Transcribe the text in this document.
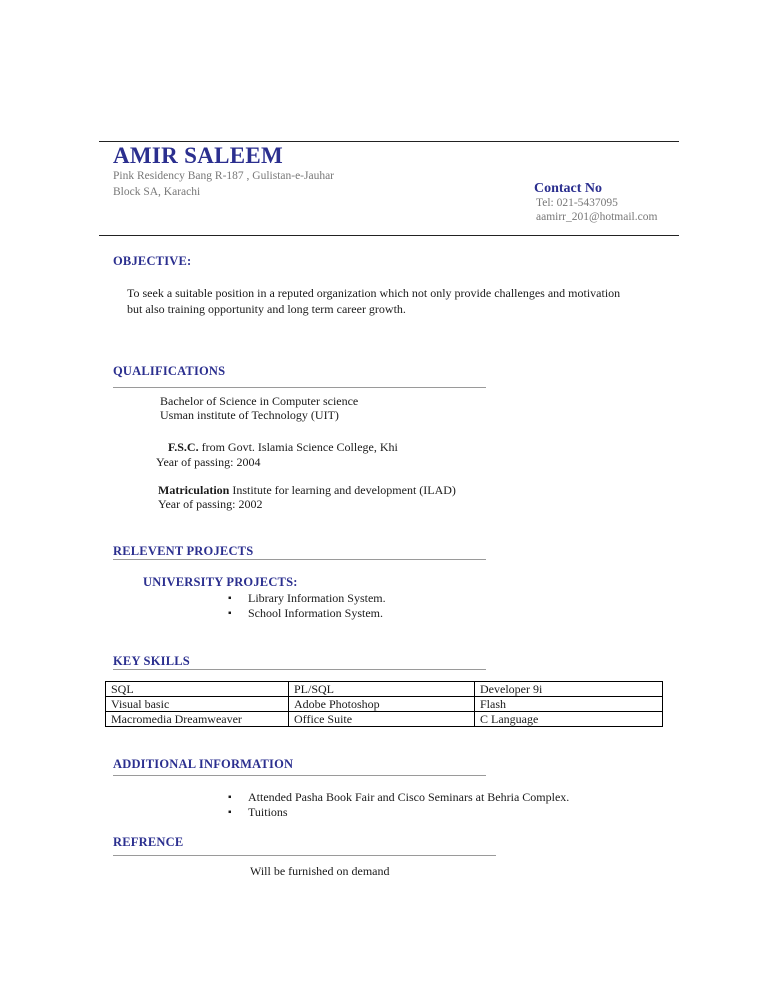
AMIR SALEEM
Pink Residency Bang R-187 , Gulistan-e-Jauhar
Block SA, Karachi	Contact No
Tel: 021-5437095
aamirr_201@hotmail.com
OBJECTIVE:
To seek a suitable position in a reputed organization which not only provide challenges and motivation
but also training opportunity and long term career growth.
QUALIFICATIONS
Bachelor of Science in Computer science
Usman institute of Technology (UIT)
F.S.C. from Govt. Islamia Science College, Khi
Year of passing: 2004
Matriculation Institute for learning and development (ILAD)
Year of passing: 2002
RELEVENT PROJECTS
UNIVERSITY PROJECTS:
▪ Library Information System.
▪ School Information System.
KEY SKILLS
SQL	PL/SQL	Developer 9i
Visual basic	Adobe Photoshop	Flash
Macromedia Dreamweaver	Office Suite	C Language
ADDITIONAL INFORMATION
▪ Attended Pasha Book Fair and Cisco Seminars at Behria Complex.
▪ Tuitions
REFRENCE
Will be furnished on demand
